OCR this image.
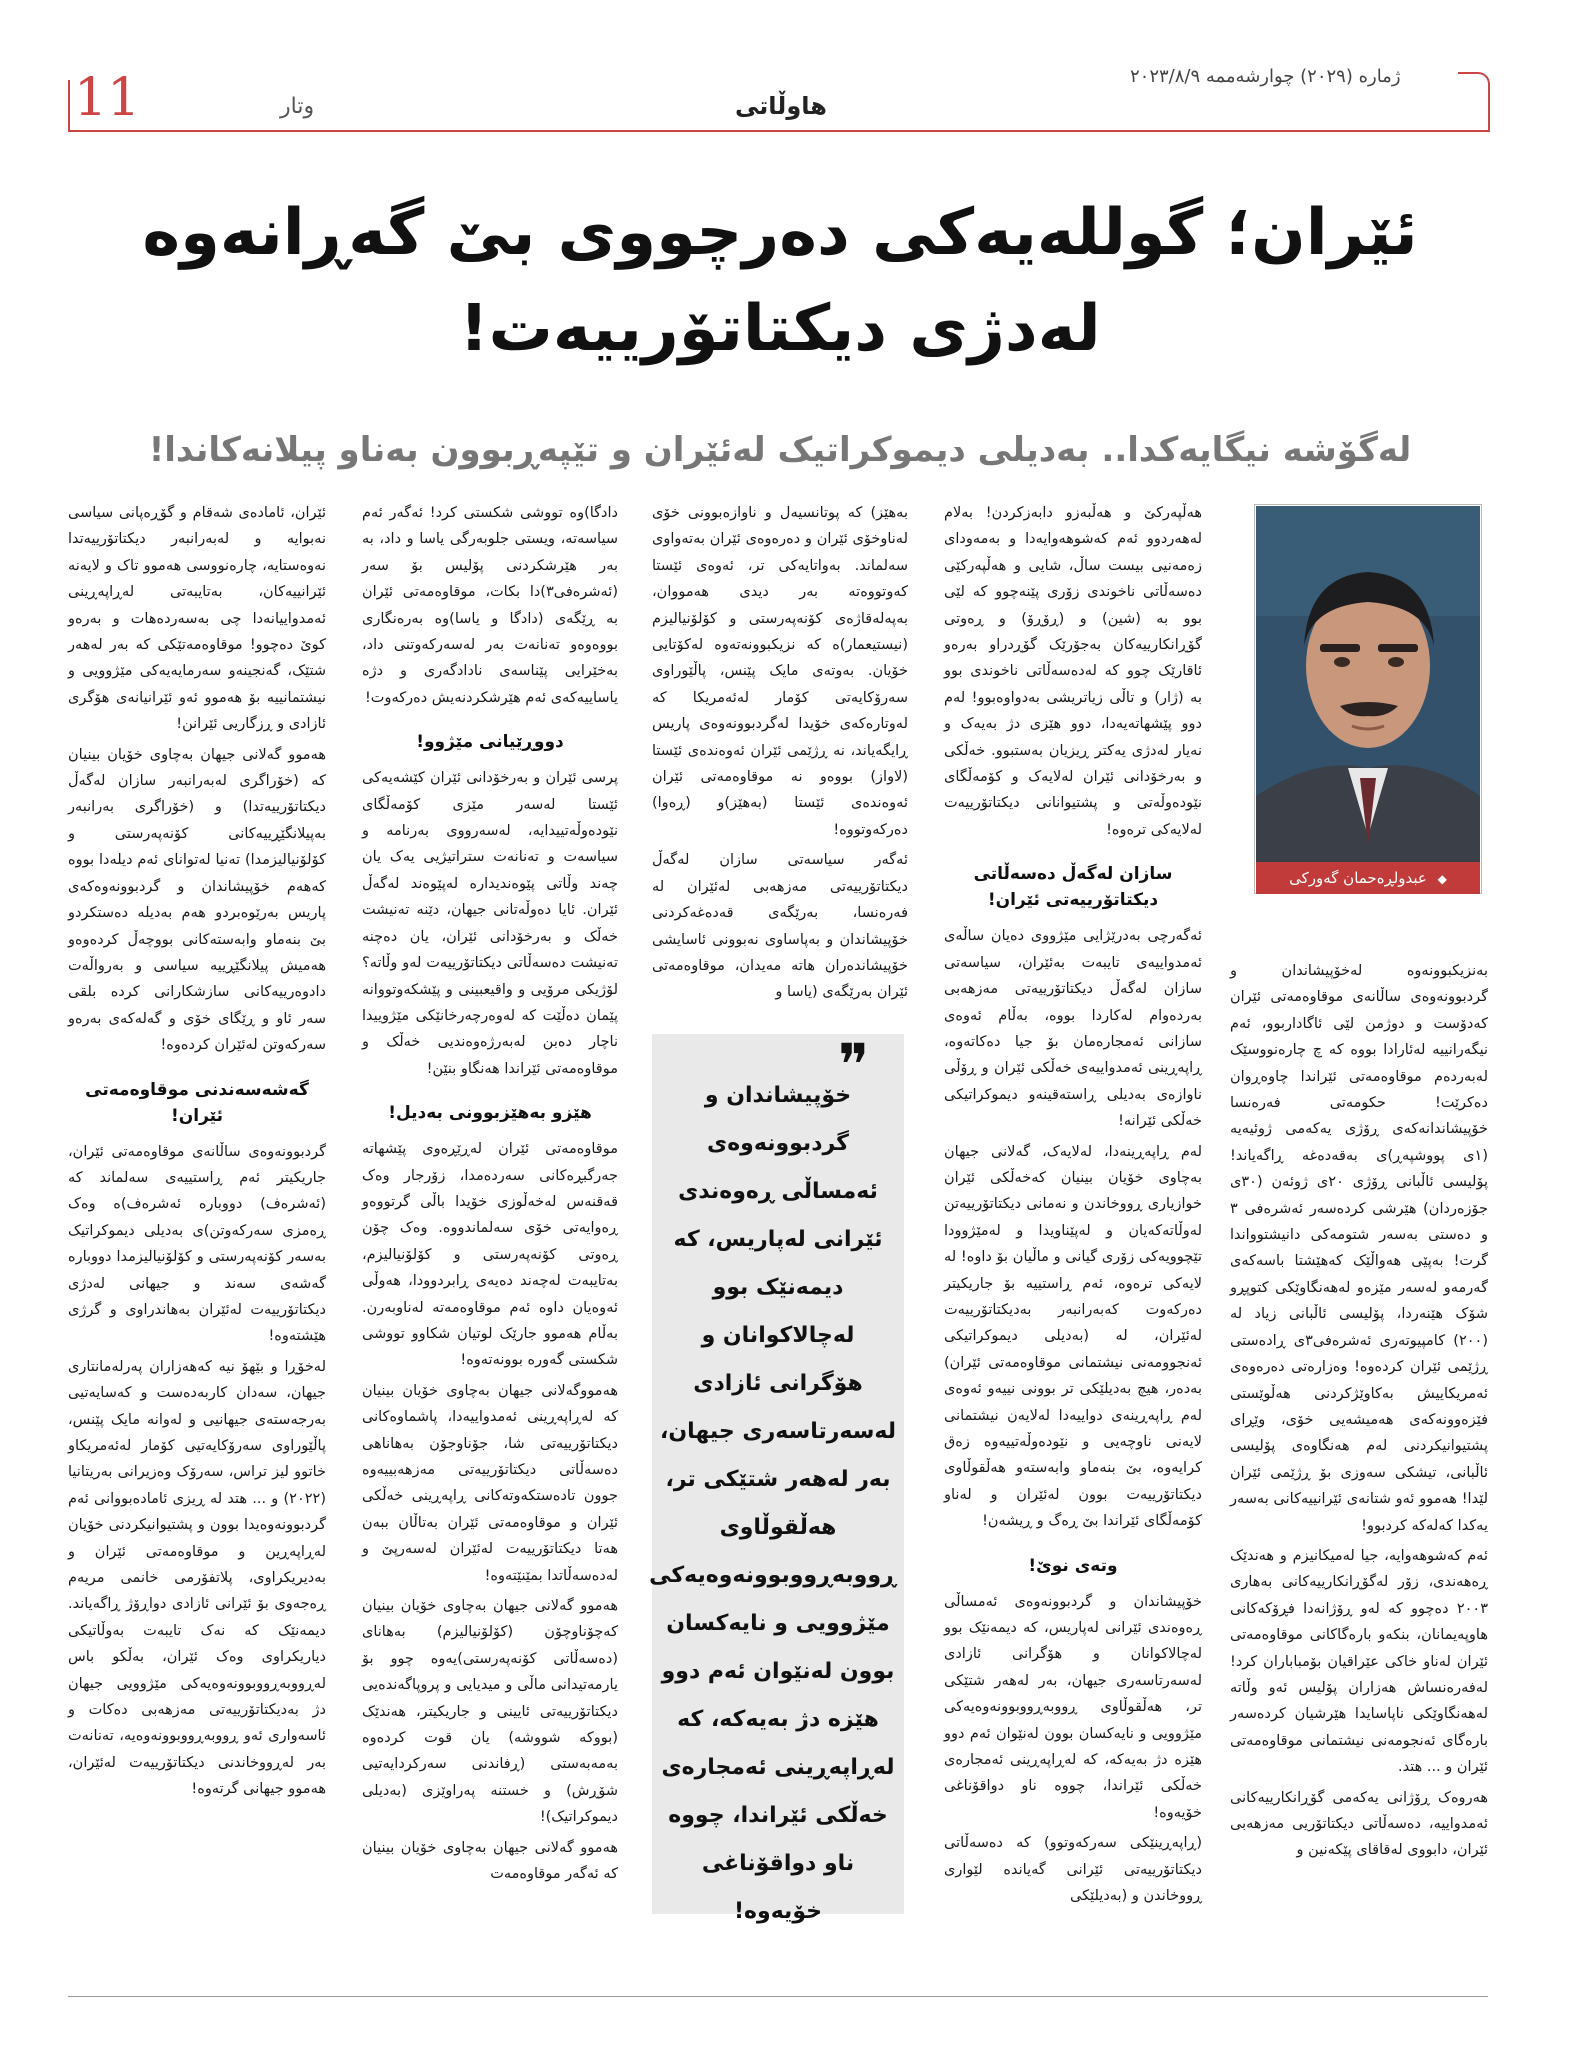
11	وتار	هاوڵاتی
ژمارە (٢٠٢٩) چوارشەممە ٢٠٢٣/٨/٩
ئێران؛ گوللەیەکی دەرچووی بێ گەڕانەوە لەدژی دیکتاتۆرییەت!
لەگۆشە نیگایەکدا.. بەدیلی دیموکراتیک لەئێران و تێپەڕبوون بەناو پیلانەکاندا!
◆ عبدولڕەحمان گەورکی

بەنزیکبوونەوە لەخۆپیشاندان و گردبوونەوەی ساڵانەی موقاوەمەتی ئێران کەدۆست و دوژمن لێی ئاگاداربوو، ئەم نیگەرانییە لەئارادا بووە کە چ چارەنووسێک لەبەردەم موقاوەمەتی ئێراندا چاوەڕوان دەکرێت! حکومەتی فەرەنسا خۆپیشاندانەکەی ڕۆژی یەکەمی ژوئیەیە (١ی پووشپەڕ)ی بەقەدەغە ڕاگەیاند! پۆلیسی ئاڵبانی ڕۆژی ٢٠ی ژوئەن (٣٠ی جۆزەردان) هێرشی کردەسەر ئەشرەفی ٣ و دەستی بەسەر شتومەکی دانیشتوواندا گرت! بەپێی هەواڵێک کەهێشتا باسەکەی گەرمەو لەسەر مێزەو لەهەنگاوێکی کتوپڕو شۆک هێنەردا، پۆلیسی ئاڵبانی زیاد لە (٢٠٠) کامپیوتەری ئەشرەفی٣ی ڕادەستی ڕژێمی ئێران کردەوە! وەزارەتی دەرەوەی ئەمریکاییش بەکاوێژکردنی هەڵوێستی فێزەوونەکەی هەمیشەیی خۆی، وێڕای پشتیوانیکردنی لەم هەنگاوەی پۆلیسی ئاڵبانی، تیشکی سەوزی بۆ ڕژێمی ئێران لێدا! هەموو ئەو شتانەی ئێرانییەکانی بەسەر یەکدا کەلەکە کردبوو!

ئەم کەشوهەوایە، جیا لەمیکانیزم و هەندێک ڕەهەندی، زۆر لەگۆڕانکارییەکانی بەهاری ٢٠٠٣ دەچوو کە لەو ڕۆژانەدا فڕۆکەکانی هاوپەیمانان، بنکەو بارەگاکانی موقاوەمەتی ئێران لەناو خاکی عێراقیان بۆمباباران کرد! لەفەرەنساش هەزاران پۆلیس ئەو وڵاتە لەهەنگاوێکی ناپاسایدا هێرشیان کردەسەر بارەگای ئەنجومەنی نیشتمانی موقاوەمەتی ئێران و ... هتد.

هەروەک ڕۆژانی یەکەمی گۆڕانکارییەکانی ئەمدواییە، دەسەڵاتی دیکتاتۆریی مەزهەبی ئێران، دابووی لەقاقای پێکەنین و

هەڵپەرکێ و هەڵبەزو دابەزکردن! بەلام لەهەردوو ئەم کەشوهەوایەدا و بەمەودای زەمەنیی بیست ساڵ، شایی و هەڵپەرکێی دەسەڵاتی ناخوندی زۆری پێنەچوو کە لێی بوو بە (شین) و (ڕۆڕۆ) و ڕەوتی گۆڕانکارییەکان بەجۆرێک گۆڕدراو بەرەو ئاقارێک چوو کە لەدەسەڵاتی ناخوندی بوو بە (ژار) و تاڵی زیاتریشی بەدواوەبوو! لەم دوو پێشهاتەیەدا، دوو هێزی دژ بەیەک و نەیار لەدژی یەکتر ڕیزیان بەستبوو. خەڵکی و بەرخۆدانی ئێران لەلایەک و کۆمەڵگای نێودەوڵەتی و پشتیوانانی دیکتاتۆرییەت لەلایەکی ترەوە!

سازان لەگەڵ دەسەڵاتی دیکتاتۆرییەتی ئێران!

ئەگەرچی بەدرێژایی مێژووی دەیان ساڵەی ئەمدواییەی تایبەت بەئێران، سیاسەتی سازان لەگەڵ دیکتاتۆرییەتی مەزهەبی بەردەوام لەکاردا بووە، بەڵام ئەوەی سازانی ئەمجارەمان بۆ جیا دەکاتەوە، ڕاپەڕینی ئەمدواییەی خەڵکی ئێران و ڕۆڵی ناوازەی بەدیلی ڕاستەقینەو دیموکراتیکی خەڵکی ئێرانە!

لەم ڕاپەڕینەدا، لەلایەک، گەلانی جیهان بەچاوی خۆیان بینیان کەخەڵکی ئێران خوازیاری ڕووخاندن و نەمانی دیکتاتۆرییەتن لەوڵاتەکەیان و لەپێناویدا و لەمێژوودا تێچوویەکی زۆری گیانی و ماڵیان بۆ داوە! لە لایەکی ترەوە، ئەم ڕاستییە بۆ جاریکیتر دەرکەوت کەبەرانبەر بەدیکتاتۆرییەت لەئێران، لە (بەدیلی دیموکراتیکی ئەنجوومەنی نیشتمانی موقاوەمەتی ئێران) بەدەر، هیچ بەدیلێکی تر بوونی نییەو ئەوەی لەم ڕاپەڕینەی دواییەدا لەلایەن نیشتمانی لایەنی ناوچەیی و نێودەوڵەتییەوە زەق کرایەوە، بێ بنەماو وابەستەو هەڵقوڵاوی دیکتاتۆرییەت بوون لەئێران و لەناو کۆمەڵگای ئێراندا بێ ڕەگ و ڕیشەن!

وتەی نوێ!

خۆپیشاندان و گردبوونەوەی ئەمساڵی ڕەوەندی ئێرانی لەپاریس، کە دیمەنێک بوو لەچالاکوانان و هۆگرانی ئازادی لەسەرتاسەری جیهان، بەر لەهەر شتێکی تر، هەڵقوڵاوی ڕووبەڕووبوونەوەیەکی مێژوویی و نایەکسان بوون لەنێوان ئەم دوو هێزە دژ بەیەکە، کە لەڕاپەڕینی ئەمجارەی خەڵکی ئێراندا، چووە ناو دواقۆناغی خۆیەوە!

(ڕاپەڕینێکی سەرکەوتوو) کە دەسەڵاتی دیکتاتۆرییەتی ئێرانی گەیاندە لێواری ڕووخاندن و (بەدیلێکی

بەهێز) کە پوتانسیەل و ناوازەبوونی خۆی لەناوخۆی ئێران و دەرەوەی ئێران بەتەواوی سەلماند. بەواتایەکی تر، ئەوەی ئێستا کەوتووەتە بەر دیدی هەمووان، بەپەلەقاژەی کۆنەپەرستی و کۆلۆنیالیزم (نیستیعمار)ە کە نزیکبوونەتەوە لەکۆتایی خۆیان. بەوتەی مایک پێنس، پاڵێوراوی سەرۆکایەتی کۆمار لەئەمریکا کە لەوتارەکەی خۆیدا لەگردبوونەوەی پاریس ڕایگەیاند، نە ڕژێمی ئێران ئەوەندەی ئێستا (لاواز) بووەو نە موقاوەمەتی ئێران ئەوەندەی ئێستا (بەهێز)و (ڕەوا) دەرکەوتووە!

ئەگەر سیاسەتی سازان لەگەڵ دیکتاتۆرییەتی مەزهەبی لەئێران لە فەرەنسا، بەرێگەی قەدەغەکردنی خۆپیشاندان و بەپاساوی نەبوونی ئاسایشی خۆپیشاندەران هاتە مەیدان، موقاوەمەتی ئێران بەرێگەی (یاسا و

❞
خۆپیشاندان و گردبوونەوەی ئەمساڵی ڕەوەندی ئێرانی لەپاریس، کە دیمەنێک بوو لەچالاکوانان و هۆگرانی ئازادی لەسەرتاسەری جیهان، بەر لەهەر شتێکی تر، هەڵقوڵاوی ڕووبەڕووبوونەوەیەکی مێژوویی و نایەکسان بوون لەنێوان ئەم دوو هێزە دژ بەیەکە، کە لەڕاپەڕینی ئەمجارەی خەڵکی ئێراندا، چووە ناو دواقۆناغی خۆیەوە!

دادگا)وە تووشی شکستی کرد! ئەگەر ئەم سیاسەتە، ویستی جلوبەرگی یاسا و داد، بە بەر هێرشکردنی پۆلیس بۆ سەر (ئەشرەفی٣)دا بکات، موقاوەمەتی ئێران بە ڕێگەی (دادگا و یاسا)وە بەرەنگاری بووەوەو تەنانەت بەر لەسەرکەوتنی داد، بەخێرایی پێناسەی نادادگەری و دژە یاساییەکەی ئەم هێرشکردنەیش دەرکەوت!

دووڕێیانی مێژوو!

پرسی ئێران و بەرخۆدانی ئێران کێشەیەکی ئێستا لەسەر مێزی کۆمەڵگای نێودەوڵەتییدایە، لەسەرووی بەرنامە و سیاسەت و تەنانەت ستراتیژیی یەک یان چەند وڵاتی پێوەندیدارە لەپێوەند لەگەڵ ئێران. ئایا دەوڵەتانی جیهان، دێنە تەنیشت خەڵک و بەرخۆدانی ئێران، یان دەچنە تەنیشت دەسەڵاتی دیکتاتۆرییەت لەو وڵاتە؟ لۆژیکی مرۆیی و واقیعبینی و پێشکەوتووانە پێمان دەڵێت کە لەوەرچەرخانێکی مێژوییدا ناچار دەبن لەبەرژەوەندیی خەڵک و موقاوەمەتی ئێراندا هەنگاو بنێن!

هێزو بەهێزبوونی بەدیل!

موقاوەمەتی ئێران لەڕێڕەوی پێشهاتە جەرگبڕەکانی سەردەمدا، زۆرجار وەک قەقنەس لەخەڵوزی خۆیدا باڵی گرتووەو ڕەوایەتی خۆی سەلماندووە. وەک چۆن ڕەوتی کۆنەپەرستی و کۆلۆنیالیزم، بەتایبەت لەچەند دەیەی ڕابردوودا، هەوڵی ئەوەیان داوە ئەم موقاوەمەتە لەناوبەرن. بەڵام هەموو جارێک لوتیان شکاوو تووشی شکستی گەورە بوونەتەوە!

هەمووگەلانی جیهان بەچاوی خۆیان بینیان کە لەڕاپەڕینی ئەمدواییەدا، پاشماوەکانی دیکتاتۆرییەتی شا، جۆناوجۆن بەهاناهی دەسەڵاتی دیکتاتۆرییەتی مەزهەبییەوە جوون تادەستکەوتەکانی ڕاپەڕینی خەڵکی ئێران و موقاوەمەتی ئێران بەتاڵان ببەن هەتا دیکتاتۆرییەت لەئێران لەسەرپێ و لەدەسەڵاتدا بمێنێتەوە!

هەموو گەلانی جیهان بەچاوی خۆیان بینیان کەچۆناوچۆن (کۆلۆنیالیزم) بەهانای (دەسەڵاتی کۆنەپەرستی)یەوە چوو بۆ یارمەتیدانی ماڵی و میدیایی و پروپاگەندەیی دیکتاتۆرییەتی ئایینی و جاریکیتر، هەندێک (بووکە شووشە) یان قوت کردەوە بەمەبەستی (ڕفاندنی سەرکردایەتیی شۆڕش) و خستنە پەراوێزی (بەدیلی دیموکراتیک)!

هەموو گەلانی جیهان بەچاوی خۆیان بینیان کە ئەگەر موقاوەمەت

ئێران، ئامادەی شەقام و گۆڕەپانی سیاسی نەبوایە و لەبەرانبەر دیکتاتۆرییەتدا نەوەستایە، چارەنووسی هەموو تاک و لایەنە ئێرانییەکان، بەتایبەتی لەڕاپەڕینی ئەمدواییانەدا چی بەسەردەهات و بەرەو کوێ دەچوو! موقاوەمەتێکی کە بەر لەهەر شتێک، گەنجینەو سەرمایەیەکی مێژوویی و نیشتمانییە بۆ هەموو ئەو ئێرانیانەی هۆگری ئازادی و ڕزگاریی ئێرانن!

هەموو گەلانی جیهان بەچاوی خۆیان بینیان کە (خۆراگری لەبەرانبەر سازان لەگەڵ دیکتاتۆرییەتدا) و (خۆراگری بەرانبەر بەپیلانگێڕییەکانی کۆنەپەرستی و کۆلۆنیالیزمدا) تەنیا لەتوانای ئەم دیلەدا بووە کەهەم خۆپیشاندان و گردبوونەوەکەی پاریس بەرێوەبردو هەم بەدیلە دەستکردو بێ بنەماو وابەستەکانی بووچەڵ کردەوەو هەمیش پیلانگێڕییە سیاسی و بەرواڵەت دادوەرییەکانی سازشکارانی کردە بلقی سەر ئاو و ڕێگای خۆی و گەلەکەی بەرەو سەرکەوتن لەئێران کردەوە!

گەشەسەندنی موقاوەمەتی ئێران!

گردبوونەوەی ساڵانەی موقاوەمەتی ئێران، جاریکیتر ئەم ڕاستییەی سەلماند کە (ئەشرەف) دووبارە ئەشرەف)ە وەک ڕەمزی سەرکەوتن)ی بەدیلی دیموکراتیک بەسەر کۆنەپەرستی و کۆلۆنیالیزمدا دووبارە گەشەی سەند و جیهانی لەدژی دیکتاتۆرییەت لەئێران بەهاندراوی و گرژی هێشتەوە!

لەخۆڕا و بێهۆ نیە کەهەزاران پەرلەمانتاری جیهان، سەدان کاربەدەست و کەسایەتیی بەرجەستەی جیهانیی و لەوانە مایک پێنس، پاڵێوراوی سەرۆکایەتیی کۆمار لەئەمریکاو خاتوو لیز تراس، سەرۆک وەزیرانی بەریتانیا (٢٠٢٢) و ... هتد لە ڕیزی ئامادەبووانی ئەم گردبوونەوەیدا بوون و پشتیوانیکردنی خۆیان لەڕاپەڕین و موقاوەمەتی ئێران و بەدیریکراوی، پلاتفۆرمی خانمی مریەم ڕەجەوی بۆ ئێرانی ئازادی دواڕۆژ ڕاگەیاند. دیمەنێک کە نەک تایبەت بەوڵاتیکی دیاریکراوی وەک ئێران، بەڵکو باس لەڕووبەڕووبوونەوەیەکی مێژوویی جیهان دژ بەدیکتاتۆرییەتی مەزهەبی دەکات و ئاسەواری ئەو ڕووبەڕووبوونەوەیە، تەنانەت بەر لەڕووخاندنی دیکتاتۆرییەت لەئێران، هەموو جیهانی گرتەوە!
